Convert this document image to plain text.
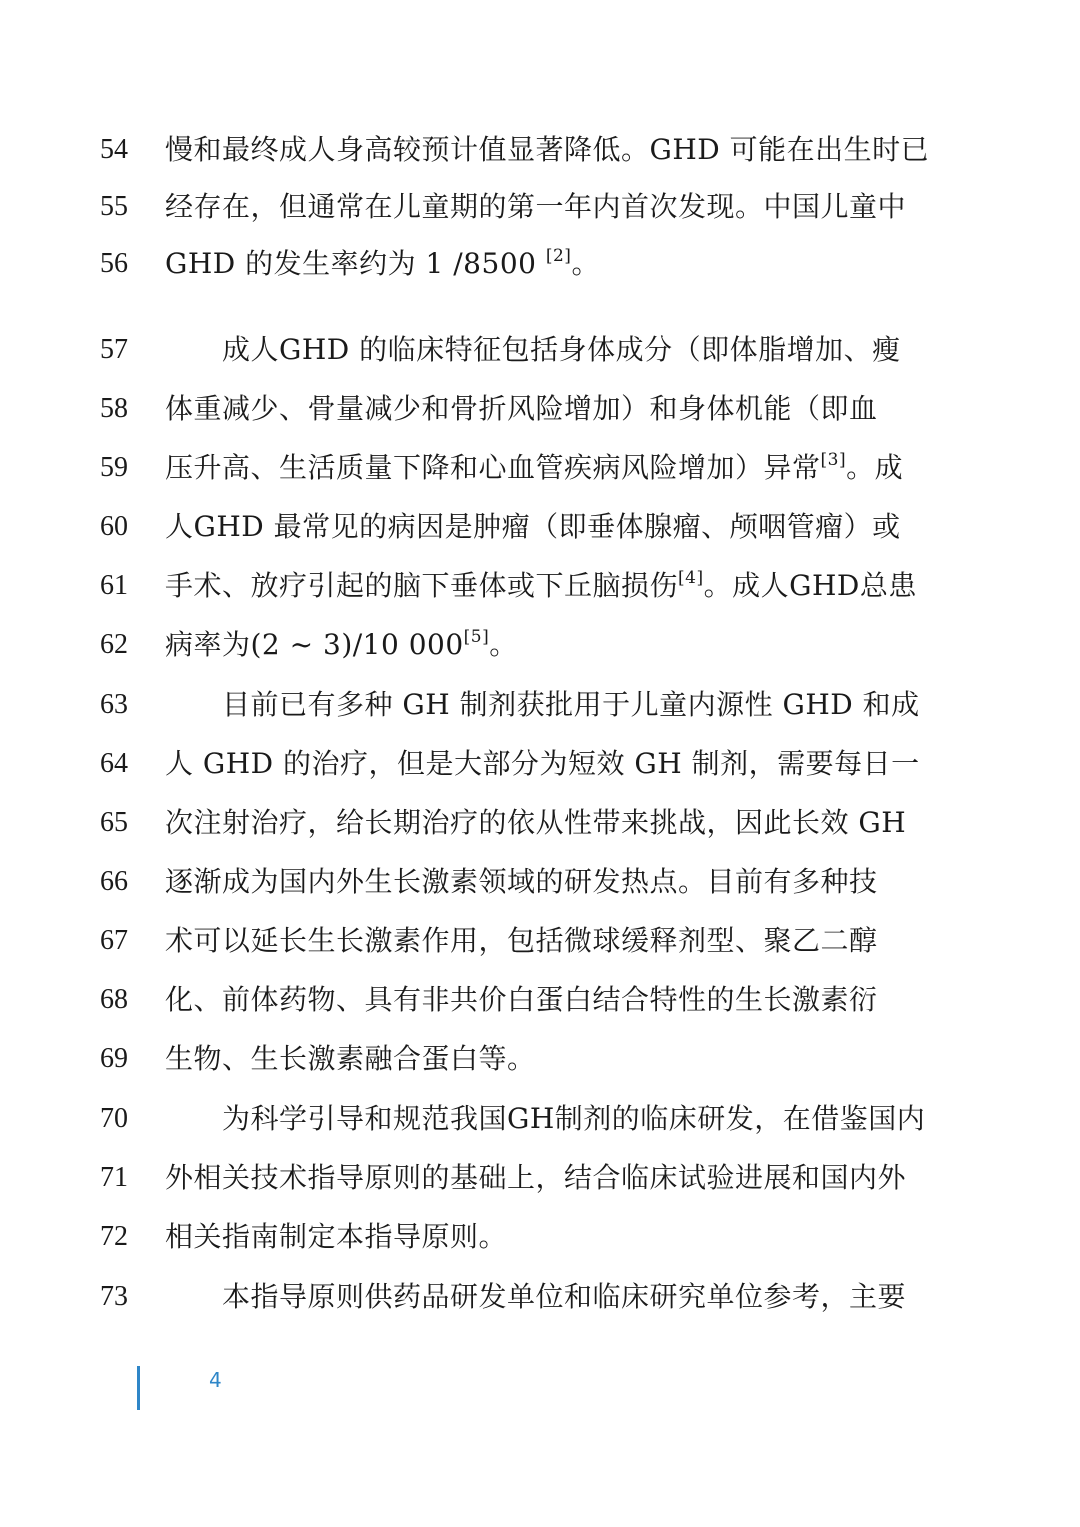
54 慢和最终成人身高较预计值显著降低。GHD 可能在出生时已
55 经存在，但通常在儿童期的第一年内首次发现。中国儿童中
56 GHD 的发生率约为 1 /8500 [2]。
57	成人GHD 的临床特征包括身体成分（即体脂增加、瘦
58 体重减少、骨量减少和骨折风险增加）和身体机能（即血
59 压升高、生活质量下降和心血管疾病风险增加）异常[3]。成
60 人GHD 最常见的病因是肿瘤（即垂体腺瘤、颅咽管瘤）或
61 手术、放疗引起的脑下垂体或下丘脑损伤[4]。成人GHD总患
62 病率为(2 ~ 3)/10 000[5]。
63	目前已有多种 GH 制剂获批用于儿童内源性 GHD 和成
64 人 GHD 的治疗，但是大部分为短效 GH 制剂，需要每日一
65 次注射治疗，给长期治疗的依从性带来挑战，因此长效 GH
66 逐渐成为国内外生长激素领域的研发热点。目前有多种技
67 术可以延长生长激素作用，包括微球缓释剂型、聚乙二醇
68 化、前体药物、具有非共价白蛋白结合特性的生长激素衍
69 生物、生长激素融合蛋白等。
70	为科学引导和规范我国GH制剂的临床研发，在借鉴国内
71 外相关技术指导原则的基础上，结合临床试验进展和国内外
72 相关指南制定本指导原则。
73	本指导原则供药品研发单位和临床研究单位参考，主要
4
